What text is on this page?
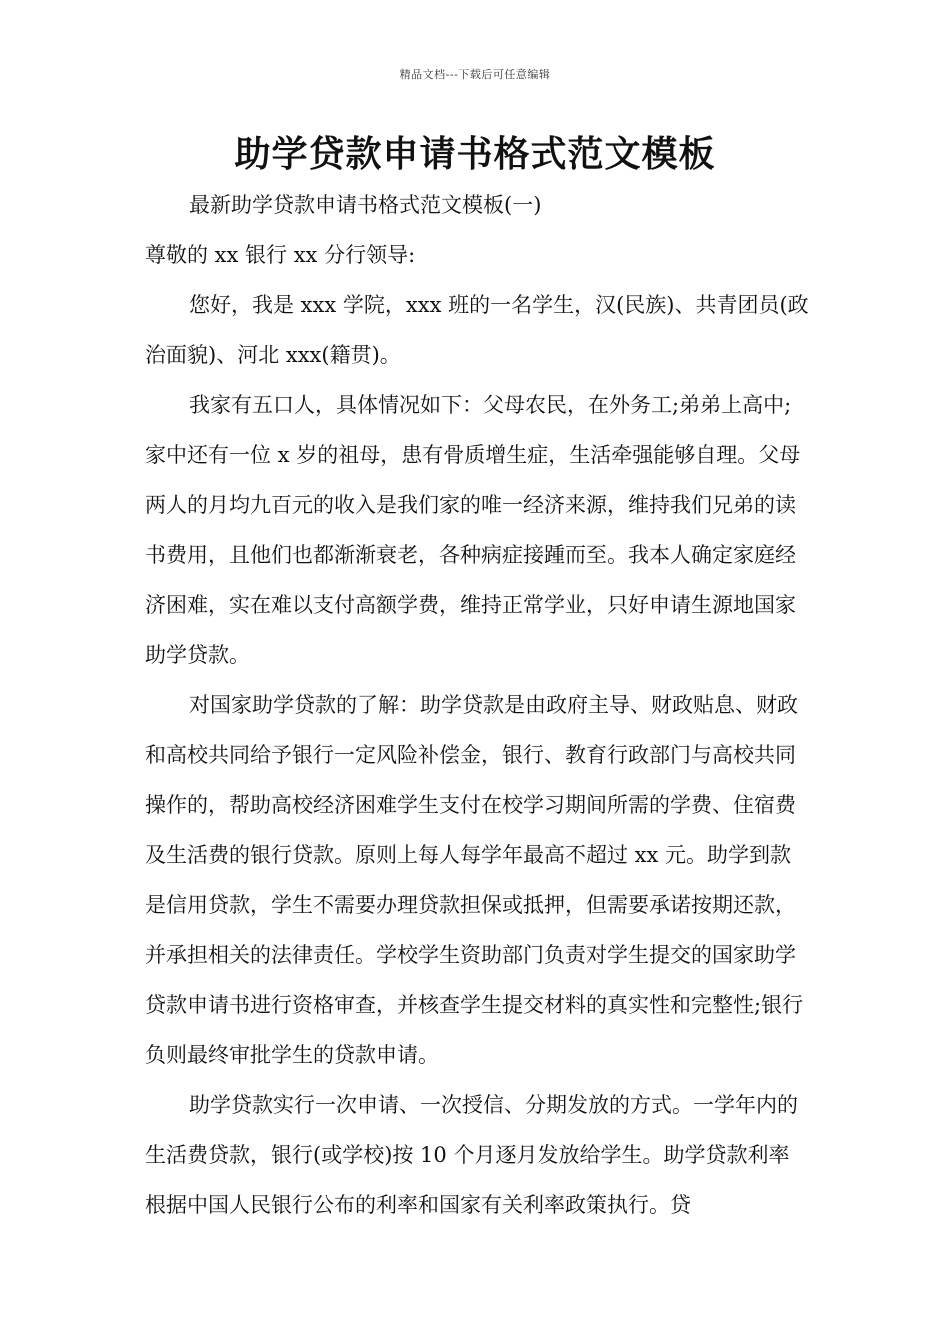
精品文档---下载后可任意编辑
助学贷款申请书格式范文模板

最新助学贷款申请书格式范文模板(一)

尊敬的 xx 银行 xx 分行领导:

您好，我是 xxx 学院，xxx 班的一名学生，汉(民族)、共青团员(政治面貌)、河北 xxx(籍贯)。

我家有五口人，具体情况如下：父母农民，在外务工;弟弟上高中;家中还有一位 x 岁的祖母，患有骨质增生症，生活牵强能够自理。父母两人的月均九百元的收入是我们家的唯一经济来源，维持我们兄弟的读书费用，且他们也都渐渐衰老，各种病症接踵而至。我本人确定家庭经济困难，实在难以支付高额学费，维持正常学业，只好申请生源地国家助学贷款。

对国家助学贷款的了解：助学贷款是由政府主导、财政贴息、财政和高校共同给予银行一定风险补偿金，银行、教育行政部门与高校共同操作的，帮助高校经济困难学生支付在校学习期间所需的学费、住宿费及生活费的银行贷款。原则上每人每学年最高不超过 xx 元。助学到款是信用贷款，学生不需要办理贷款担保或抵押，但需要承诺按期还款，并承担相关的法律责任。学校学生资助部门负责对学生提交的国家助学贷款申请书进行资格审查，并核查学生提交材料的真实性和完整性;银行负则最终审批学生的贷款申请。

助学贷款实行一次申请、一次授信、分期发放的方式。一学年内的生活费贷款，银行(或学校)按 10 个月逐月发放给学生。助学贷款利率根据中国人民银行公布的利率和国家有关利率政策执行。贷
